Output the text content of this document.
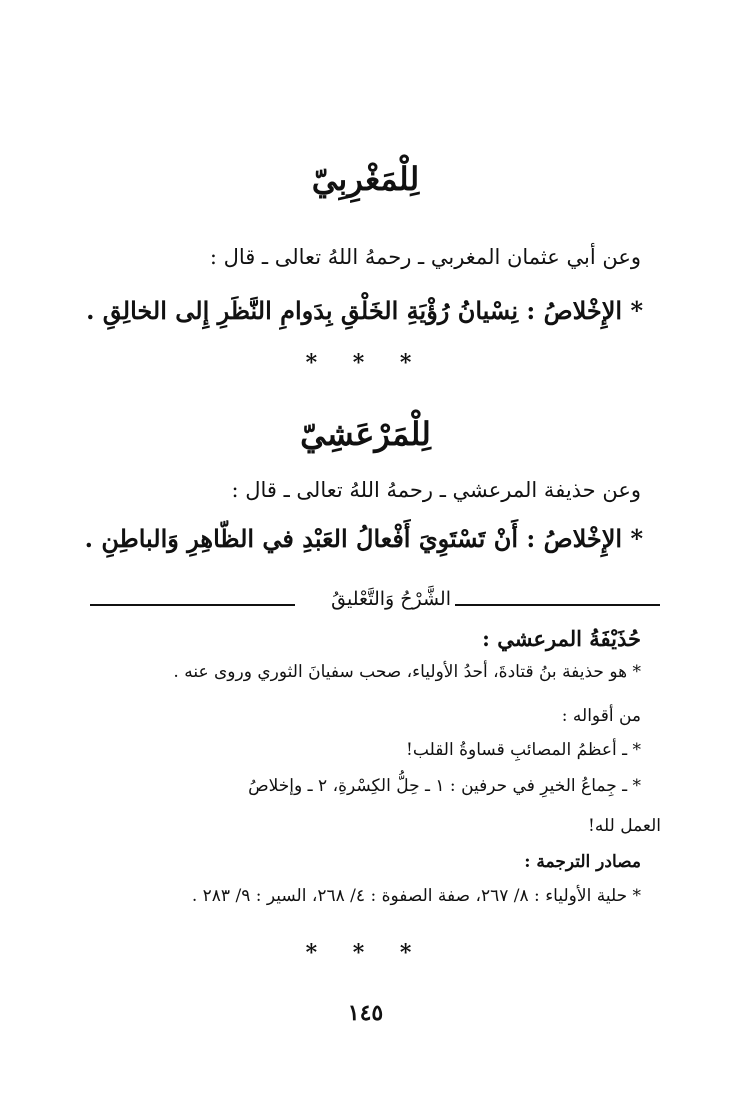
لِلْمَغْرِبِيّ
وعن أبي عثمان المغربي ـ رحمهُ اللهُ تعالى ـ قال :
* الإِخْلاصُ : نِسْيانُ رُؤْيَةِ الخَلْقِ بِدَوامِ النَّظَرِ إِلى الخالِقِ .
* * *
لِلْمَرْعَشِيّ
وعن حذيفة المرعشي ـ رحمهُ اللهُ تعالى ـ قال :
* الإِخْلاصُ : أَنْ تَسْتَوِيَ أَفْعالُ العَبْدِ في الظّاهِرِ وَالباطِنِ .
الشَّرْحُ وَالتَّعْليقُ
حُذَيْفَةُ المرعشي :
* هو حذيفة بنُ قتادةَ، أحدُ الأولياء، صحب سفيانَ الثوري وروى عنه .
من أقواله :
* ـ أعظمُ المصائبِ قساوةُ القلب!
* ـ جِماعُ الخيرِ في حرفين : ١ ـ حِلُّ الكِسْرةِ، ٢ ـ وإخلاصُ
العمل لله!
مصادر الترجمة :
* حلية الأولياء : ٨/ ٢٦٧، صفة الصفوة : ٤/ ٢٦٨، السير : ٩/ ٢٨٣ .
* * *
١٤٥
